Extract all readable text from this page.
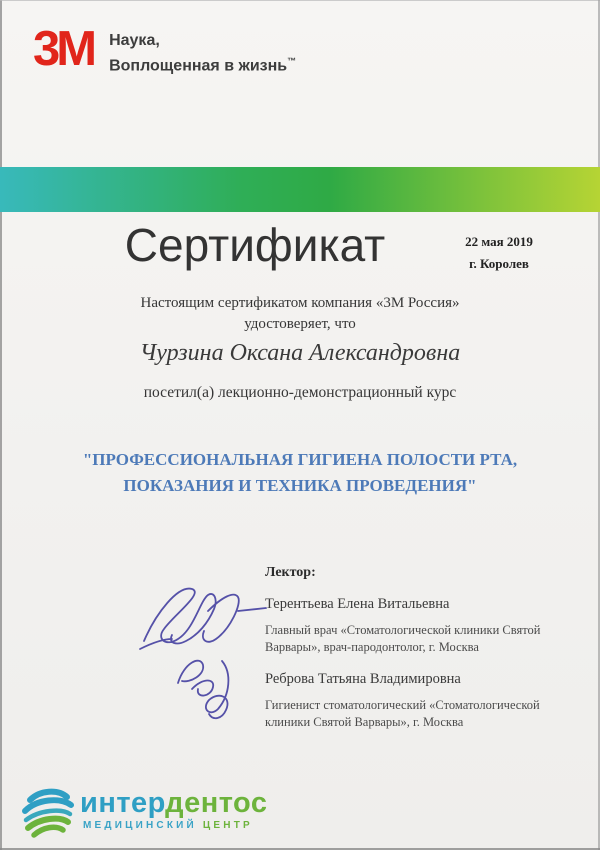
3M Наука,
Воплощенная в жизнь™
Сертификат	22 мая 2019
г. Королев
Настоящим сертификатом компания «3М Россия»
удостоверяет, что
Чурзина Оксана Александровна
посетил(а) лекционно-демонстрационный курс
"ПРОФЕССИОНАЛЬНАЯ ГИГИЕНА ПОЛОСТИ РТА,
ПОКАЗАНИЯ И ТЕХНИКА ПРОВЕДЕНИЯ"
Лектор:
Терентьева Елена Витальевна
Главный врач «Стоматологической клиники Святой Варвары», врач-пародонтолог, г. Москва
Реброва Татьяна Владимировна
Гигиенист стоматологический «Стоматологической клиники Святой Варвары», г. Москва
интердентос
МЕДИЦИНСКИЙ ЦЕНТР
